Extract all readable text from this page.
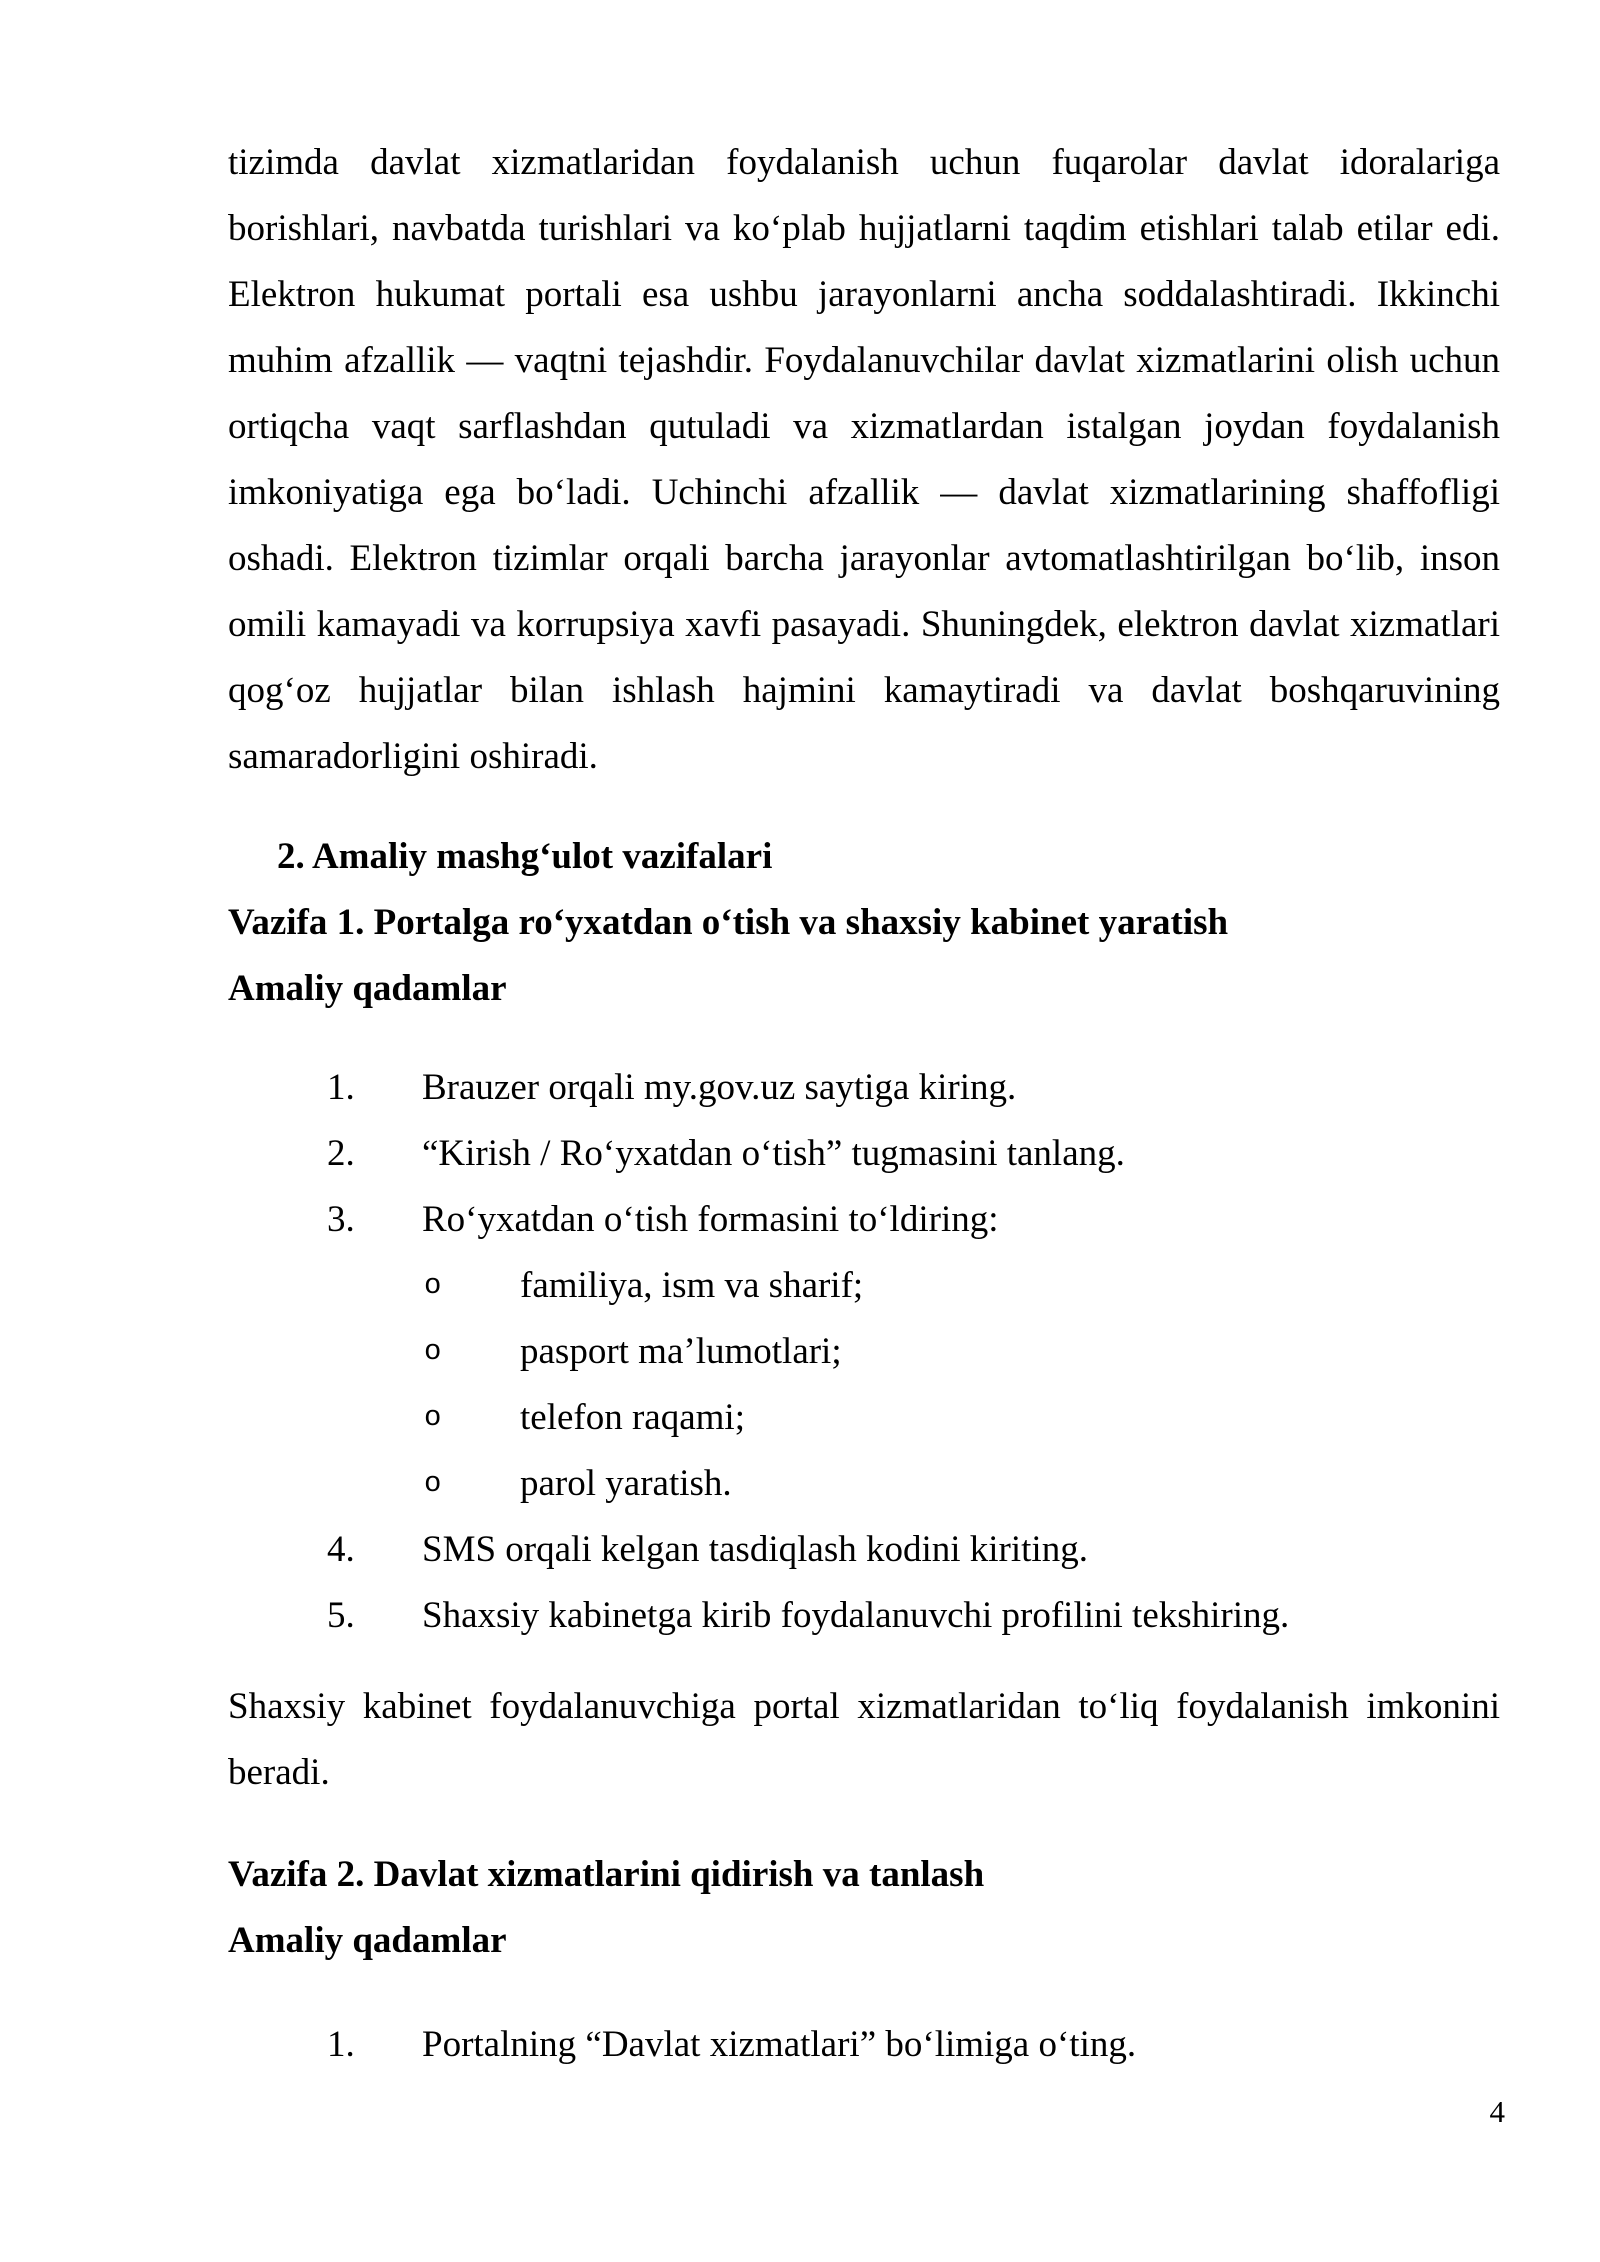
tizimda davlat xizmatlaridan foydalanish uchun fuqarolar davlat idoralariga
borishlari, navbatda turishlari va ko‘plab hujjatlarni taqdim etishlari talab etilar edi.
Elektron hukumat portali esa ushbu jarayonlarni ancha soddalashtiradi. Ikkinchi
muhim afzallik — vaqtni tejashdir. Foydalanuvchilar davlat xizmatlarini olish uchun
ortiqcha vaqt sarflashdan qutuladi va xizmatlardan istalgan joydan foydalanish
imkoniyatiga ega bo‘ladi. Uchinchi afzallik — davlat xizmatlarining shaffofligi
oshadi. Elektron tizimlar orqali barcha jarayonlar avtomatlashtirilgan bo‘lib, inson
omili kamayadi va korrupsiya xavfi pasayadi. Shuningdek, elektron davlat xizmatlari
qog‘oz hujjatlar bilan ishlash hajmini kamaytiradi va davlat boshqaruvining
samaradorligini oshiradi.
2. Amaliy mashg‘ulot vazifalari
Vazifa 1. Portalga ro‘yxatdan o‘tish va shaxsiy kabinet yaratish
Amaliy qadamlar
1. Brauzer orqali my.gov.uz saytiga kiring.
2. “Kirish / Ro‘yxatdan o‘tish” tugmasini tanlang.
3. Ro‘yxatdan o‘tish formasini to‘ldiring:
o familiya, ism va sharif;
o pasport ma’lumotlari;
o telefon raqami;
o parol yaratish.
4. SMS orqali kelgan tasdiqlash kodini kiriting.
5. Shaxsiy kabinetga kirib foydalanuvchi profilini tekshiring.
Shaxsiy kabinet foydalanuvchiga portal xizmatlaridan to‘liq foydalanish imkonini
beradi.
Vazifa 2. Davlat xizmatlarini qidirish va tanlash
Amaliy qadamlar
1. Portalning “Davlat xizmatlari” bo‘limiga o‘ting.
4
